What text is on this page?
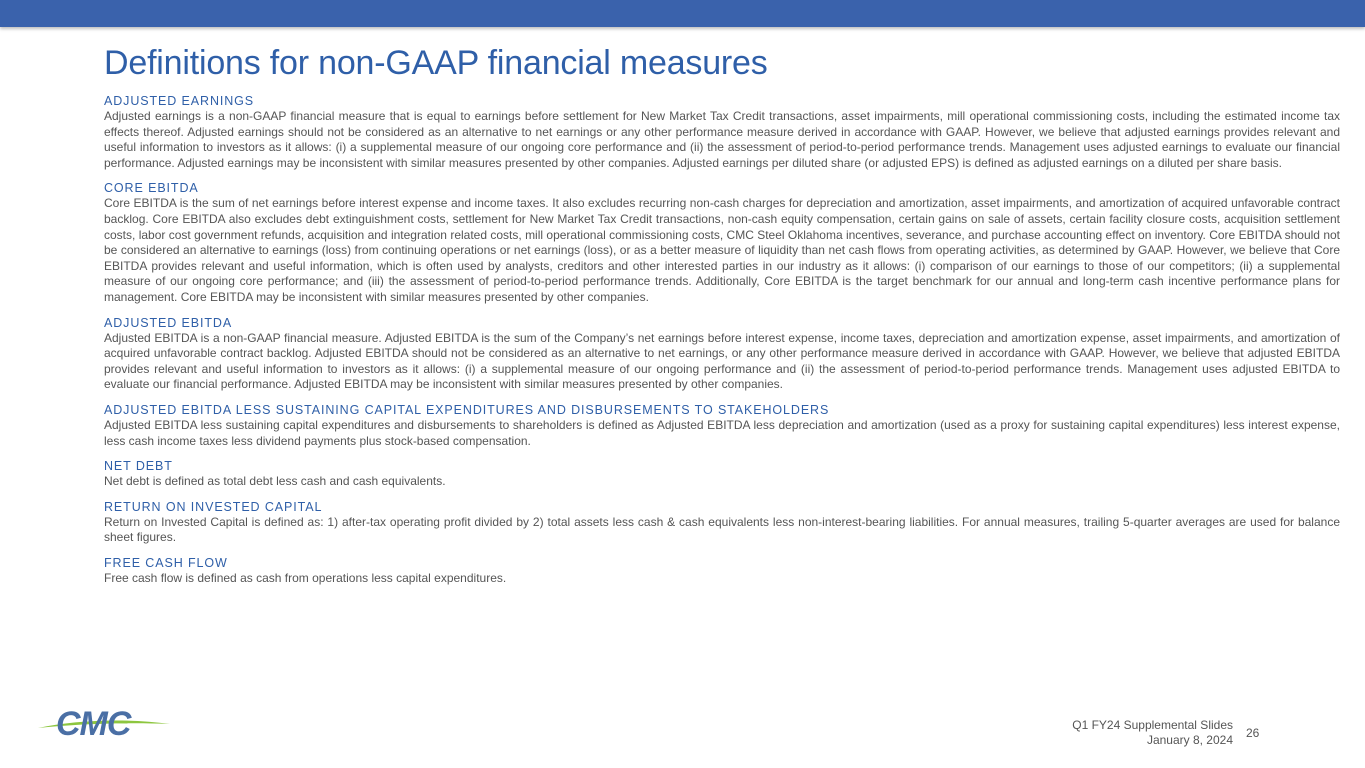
Definitions for non-GAAP financial measures
ADJUSTED EARNINGS

Adjusted earnings is a non-GAAP financial measure that is equal to earnings before settlement for New Market Tax Credit transactions, asset impairments, mill operational commissioning costs, including the estimated income tax effects thereof. Adjusted earnings should not be considered as an alternative to net earnings or any other performance measure derived in accordance with GAAP. However, we believe that adjusted earnings provides relevant and useful information to investors as it allows: (i) a supplemental measure of our ongoing core performance and (ii) the assessment of period-to-period performance trends. Management uses adjusted earnings to evaluate our financial performance. Adjusted earnings may be inconsistent with similar measures presented by other companies. Adjusted earnings per diluted share (or adjusted EPS) is defined as adjusted earnings on a diluted per share basis.

CORE EBITDA

Core EBITDA is the sum of net earnings before interest expense and income taxes. It also excludes recurring non-cash charges for depreciation and amortization, asset impairments, and amortization of acquired unfavorable contract backlog. Core EBITDA also excludes debt extinguishment costs, settlement for New Market Tax Credit transactions, non-cash equity compensation, certain gains on sale of assets, certain facility closure costs, acquisition settlement costs, labor cost government refunds, acquisition and integration related costs, mill operational commissioning costs, CMC Steel Oklahoma incentives, severance, and purchase accounting effect on inventory. Core EBITDA should not be considered an alternative to earnings (loss) from continuing operations or net earnings (loss), or as a better measure of liquidity than net cash flows from operating activities, as determined by GAAP. However, we believe that Core EBITDA provides relevant and useful information, which is often used by analysts, creditors and other interested parties in our industry as it allows: (i) comparison of our earnings to those of our competitors; (ii) a supplemental measure of our ongoing core performance; and (iii) the assessment of period-to-period performance trends. Additionally, Core EBITDA is the target benchmark for our annual and long-term cash incentive performance plans for management. Core EBITDA may be inconsistent with similar measures presented by other companies.

ADJUSTED EBITDA

Adjusted EBITDA is a non-GAAP financial measure. Adjusted EBITDA is the sum of the Company’s net earnings before interest expense, income taxes, depreciation and amortization expense, asset impairments, and amortization of acquired unfavorable contract backlog. Adjusted EBITDA should not be considered as an alternative to net earnings, or any other performance measure derived in accordance with GAAP. However, we believe that adjusted EBITDA provides relevant and useful information to investors as it allows: (i) a supplemental measure of our ongoing performance and (ii) the assessment of period-to-period performance trends. Management uses adjusted EBITDA to evaluate our financial performance. Adjusted EBITDA may be inconsistent with similar measures presented by other companies.

ADJUSTED EBITDA LESS SUSTAINING CAPITAL EXPENDITURES AND DISBURSEMENTS TO STAKEHOLDERS

Adjusted EBITDA less sustaining capital expenditures and disbursements to shareholders is defined as Adjusted EBITDA less depreciation and amortization (used as a proxy for sustaining capital expenditures) less interest expense, less cash income taxes less dividend payments plus stock-based compensation.

NET DEBT

Net debt is defined as total debt less cash and cash equivalents.

RETURN ON INVESTED CAPITAL

Return on Invested Capital is defined as: 1) after-tax operating profit divided by 2) total assets less cash & cash equivalents less non-interest-bearing liabilities. For annual measures, trailing 5-quarter averages are used for balance sheet figures.

FREE CASH FLOW

Free cash flow is defined as cash from operations less capital expenditures.

CMC	Q1 FY24 Supplemental Slides
January 8, 2024 26
